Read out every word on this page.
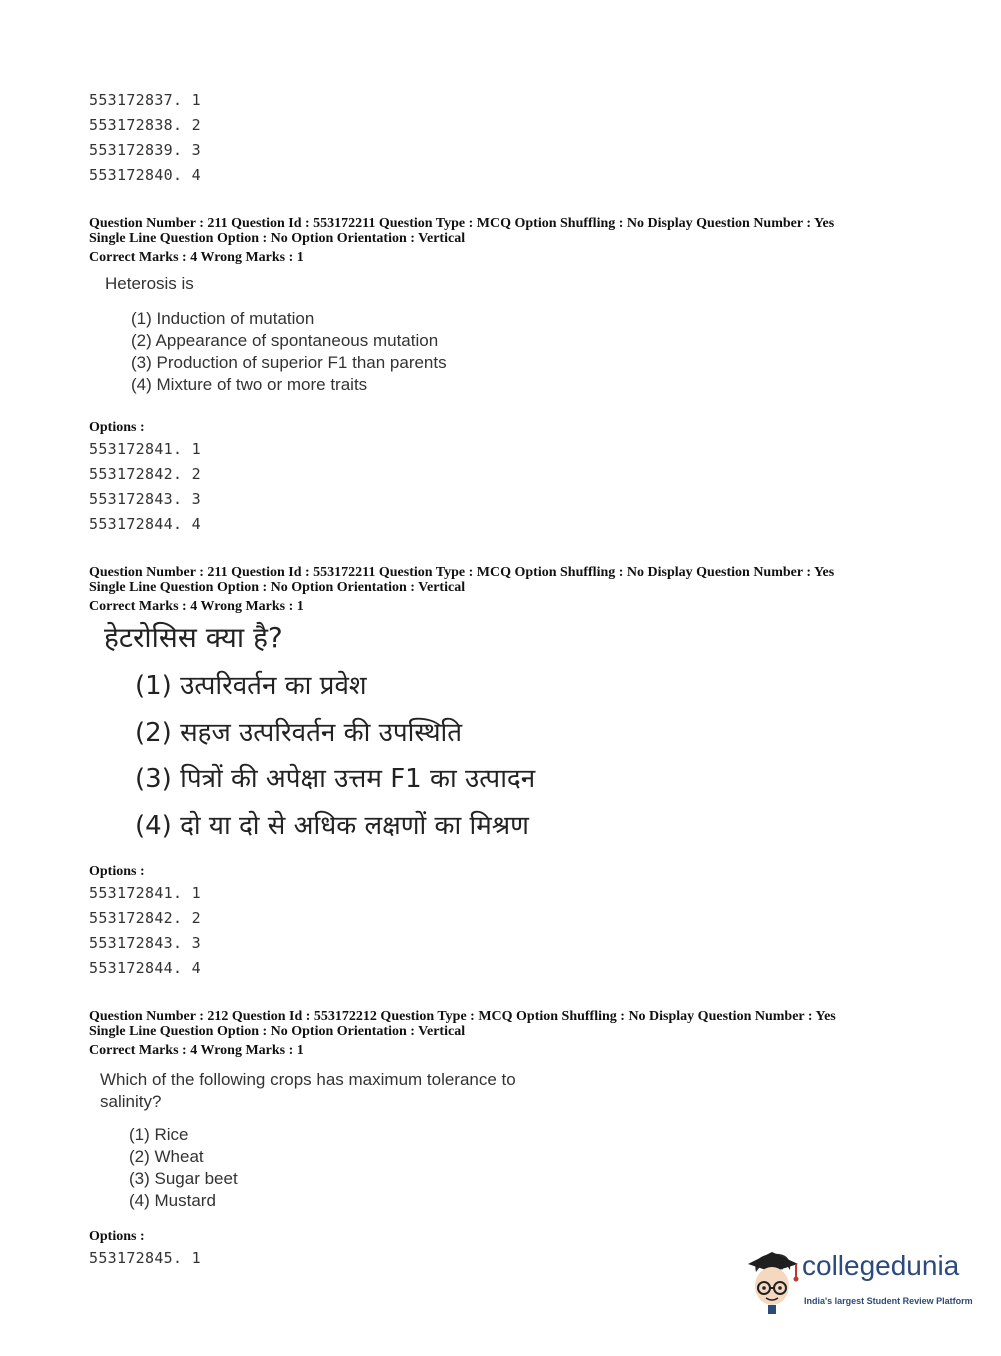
553172837. 1
553172838. 2
553172839. 3
553172840. 4
Question Number : 211 Question Id : 553172211 Question Type : MCQ Option Shuffling : No Display Question Number : Yes
Single Line Question Option : No Option Orientation : Vertical
Correct Marks : 4 Wrong Marks : 1
Heterosis is
(1) Induction of mutation
(2) Appearance of spontaneous mutation
(3) Production of superior F1 than parents
(4) Mixture of two or more traits
Options :
553172841. 1
553172842. 2
553172843. 3
553172844. 4
Question Number : 211 Question Id : 553172211 Question Type : MCQ Option Shuffling : No Display Question Number : Yes
Single Line Question Option : No Option Orientation : Vertical
Correct Marks : 4 Wrong Marks : 1
हेटरोसिस क्या है?
(1) उत्परिवर्तन का प्रवेश
(2) सहज उत्परिवर्तन की उपस्थिति
(3) पित्रों की अपेक्षा उत्तम F1 का उत्पादन
(4) दो या दो से अधिक लक्षणों का मिश्रण
Options :
553172841. 1
553172842. 2
553172843. 3
553172844. 4
Question Number : 212 Question Id : 553172212 Question Type : MCQ Option Shuffling : No Display Question Number : Yes
Single Line Question Option : No Option Orientation : Vertical
Correct Marks : 4 Wrong Marks : 1
Which of the following crops has maximum tolerance to
salinity?
(1) Rice
(2) Wheat
(3) Sugar beet
(4) Mustard
Options :
553172845. 1	collegedunia
India's largest Student Review Platform
